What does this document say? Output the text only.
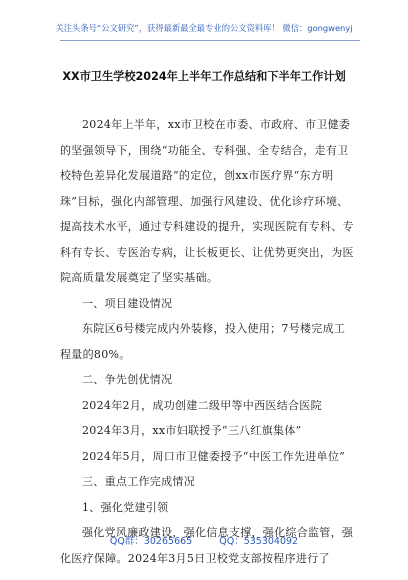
关注头条号“公文研究”，获得最新最全最专业的公文资料库！ 微信：gongwenyj
XX市卫生学校2024年上半年工作总结和下半年工作计划

2024年上半年，xx市卫校在市委、市政府、市卫健委的坚强领导下，围绕“功能全、专科强、全专结合，走有卫校特色差异化发展道路”的定位，创xx市医疗界“东方明珠”目标，强化内部管理、加强行风建设、优化诊疗环境、提高技术水平，通过专科建设的提升，实现医院有专科、专科有专长、专医治专病，让长板更长、让优势更突出，为医院高质量发展奠定了坚实基础。

一、项目建设情况

东院区6号楼完成内外装修，投入使用；7号楼完成工程量的80%。

二、争先创优情况

2024年2月，成功创建二级甲等中西医结合医院

2024年3月，xx市妇联授予“三八红旗集体”

2024年5月，周口市卫健委授予“中医工作先进单位”

三、重点工作完成情况

1、强化党建引领

强化党风廉政建设，强化信息支撑，强化综合监管，强化医疗保障。2024年3月5日卫校党支部按程序进行了

QQ群：30265665	QQ：535304092
